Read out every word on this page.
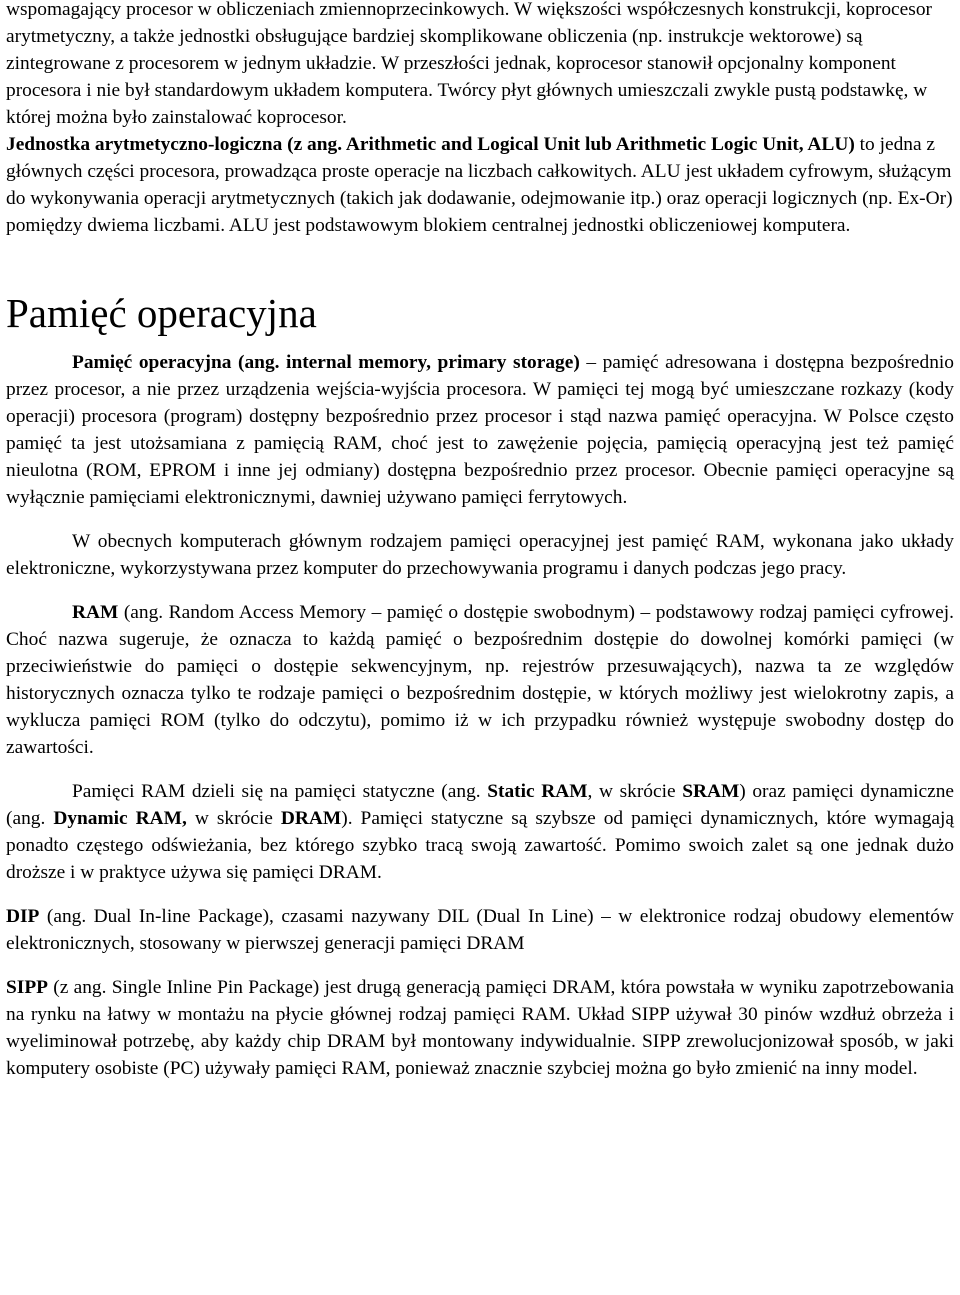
wspomagający procesor w obliczeniach zmiennoprzecinkowych. W większości współczesnych konstrukcji, koprocesor arytmetyczny, a także jednostki obsługujące bardziej skomplikowane obliczenia (np. instrukcje wektorowe) są zintegrowane z procesorem w jednym układzie. W przeszłości jednak, koprocesor stanowił opcjonalny komponent procesora i nie był standardowym układem komputera. Twórcy płyt głównych umieszczali zwykle pustą podstawkę, w której można było zainstalować koprocesor.

Jednostka arytmetyczno-logiczna (z ang. Arithmetic and Logical Unit lub Arithmetic Logic Unit, ALU) to jedna z głównych części procesora, prowadząca proste operacje na liczbach całkowitych. ALU jest układem cyfrowym, służącym do wykonywania operacji arytmetycznych (takich jak dodawanie, odejmowanie itp.) oraz operacji logicznych (np. Ex-Or) pomiędzy dwiema liczbami. ALU jest podstawowym blokiem centralnej jednostki obliczeniowej komputera.

Pamięć operacyjna

Pamięć operacyjna (ang. internal memory, primary storage) – pamięć adresowana i dostępna bezpośrednio przez procesor, a nie przez urządzenia wejścia-wyjścia procesora. W pamięci tej mogą być umieszczane rozkazy (kody operacji) procesora (program) dostępny bezpośrednio przez procesor i stąd nazwa pamięć operacyjna. W Polsce często pamięć ta jest utożsamiana z pamięcią RAM, choć jest to zawężenie pojęcia, pamięcią operacyjną jest też pamięć nieulotna (ROM, EPROM i inne jej odmiany) dostępna bezpośrednio przez procesor. Obecnie pamięci operacyjne są wyłącznie pamięciami elektronicznymi, dawniej używano pamięci ferrytowych.

W obecnych komputerach głównym rodzajem pamięci operacyjnej jest pamięć RAM, wykonana jako układy elektroniczne, wykorzystywana przez komputer do przechowywania programu i danych podczas jego pracy.

RAM (ang. Random Access Memory – pamięć o dostępie swobodnym) – podstawowy rodzaj pamięci cyfrowej. Choć nazwa sugeruje, że oznacza to każdą pamięć o bezpośrednim dostępie do dowolnej komórki pamięci (w przeciwieństwie do pamięci o dostępie sekwencyjnym, np. rejestrów przesuwających), nazwa ta ze względów historycznych oznacza tylko te rodzaje pamięci o bezpośrednim dostępie, w których możliwy jest wielokrotny zapis, a wyklucza pamięci ROM (tylko do odczytu), pomimo iż w ich przypadku również występuje swobodny dostęp do zawartości.

Pamięci RAM dzieli się na pamięci statyczne (ang. Static RAM, w skrócie SRAM) oraz pamięci dynamiczne (ang. Dynamic RAM, w skrócie DRAM). Pamięci statyczne są szybsze od pamięci dynamicznych, które wymagają ponadto częstego odświeżania, bez którego szybko tracą swoją zawartość. Pomimo swoich zalet są one jednak dużo droższe i w praktyce używa się pamięci DRAM.

DIP (ang. Dual In-line Package), czasami nazywany DIL (Dual In Line) – w elektronice rodzaj obudowy elementów elektronicznych, stosowany w pierwszej generacji pamięci DRAM

SIPP (z ang. Single Inline Pin Package) jest drugą generacją pamięci DRAM, która powstała w wyniku zapotrzebowania na rynku na łatwy w montażu na płycie głównej rodzaj pamięci RAM. Układ SIPP używał 30 pinów wzdłuż obrzeża i wyeliminował potrzebę, aby każdy chip DRAM był montowany indywidualnie. SIPP zrewolucjonizował sposób, w jaki komputery osobiste (PC) używały pamięci RAM, ponieważ znacznie szybciej można go było zmienić na inny model.
